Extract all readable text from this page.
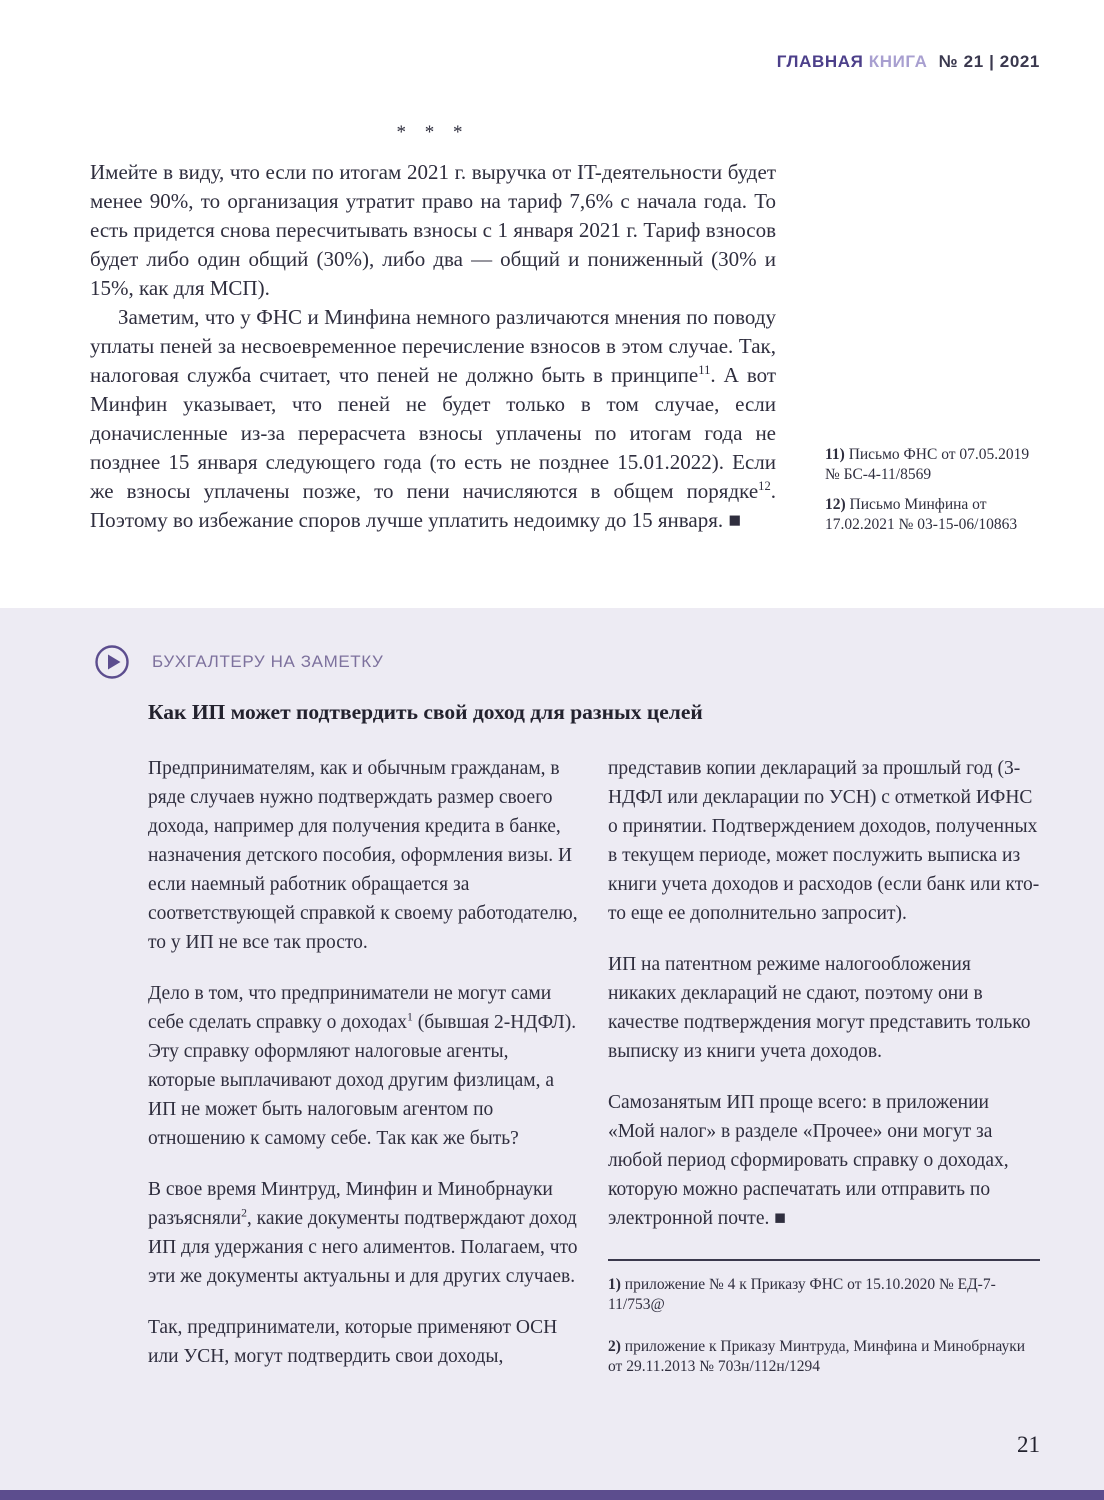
ГЛАВНАЯ КНИГА № 21 | 2021
* * *

Имейте в виду, что если по итогам 2021 г. выручка от IT-деятельности будет менее 90%, то организация утратит право на тариф 7,6% с начала года. То есть придется снова пересчитывать взносы с 1 января 2021 г. Тариф взносов будет либо один общий (30%), либо два — общий и пониженный (30% и 15%, как для МСП).

Заметим, что у ФНС и Минфина немного различаются мнения по поводу уплаты пеней за несвоевременное перечисление взносов в этом случае. Так, налоговая служба считает, что пеней не должно быть в принципе$^{11}$. А вот Минфин указывает, что пеней не будет только в том случае, если доначисленные из-за перерасчета взносы уплачены по итогам года не позднее 15 января следующего года (то есть не позднее 15.01.2022). Если же взносы уплачены позже, то пени начисляются в общем порядке$^{12}$. Поэтому во избежание споров лучше уплатить недоимку до 15 января. ■

11) Письмо ФНС от 07.05.2019 № БС-4-11/8569
12) Письмо Минфина от 17.02.2021 № 03-15-06/10863
БУХГАЛТЕРУ НА ЗАМЕТКУ
Как ИП может подтвердить свой доход для разных целей

Предпринимателям, как и обычным гражданам, в ряде случаев нужно подтверждать размер своего дохода, например для получения кредита в банке, назначения детского пособия, оформления визы. И если наемный работник обращается за соответствующей справкой к своему работодателю, то у ИП не все так просто.

Дело в том, что предприниматели не могут сами себе сделать справку о доходах$^1$ (бывшая 2-НДФЛ). Эту справку оформляют налоговые агенты, которые выплачивают доход другим физлицам, а ИП не может быть налоговым агентом по отношению к самому себе. Так как же быть?

В свое время Минтруд, Минфин и Минобрнауки разъясняли$^2$, какие документы подтверждают доход ИП для удержания с него алиментов. Полагаем, что эти же документы актуальны и для других случаев.

Так, предприниматели, которые применяют ОСН или УСН, могут подтвердить свои доходы,

представив копии деклараций за прошлый год (3-НДФЛ или декларации по УСН) с отметкой ИФНС о принятии. Подтверждением доходов, полученных в текущем периоде, может послужить выписка из книги учета доходов и расходов (если банк или кто-то еще ее дополнительно запросит).

ИП на патентном режиме налогообложения никаких деклараций не сдают, поэтому они в качестве подтверждения могут представить только выписку из книги учета доходов.

Самозанятым ИП проще всего: в приложении «Мой налог» в разделе «Прочее» они могут за любой период сформировать справку о доходах, которую можно распечатать или отправить по электронной почте. ■

1) приложение № 4 к Приказу ФНС от 15.10.2020 № ЕД-7-11/753@

2) приложение к Приказу Минтруда, Минфина и Минобрнауки от 29.11.2013 № 703н/112н/1294

21
